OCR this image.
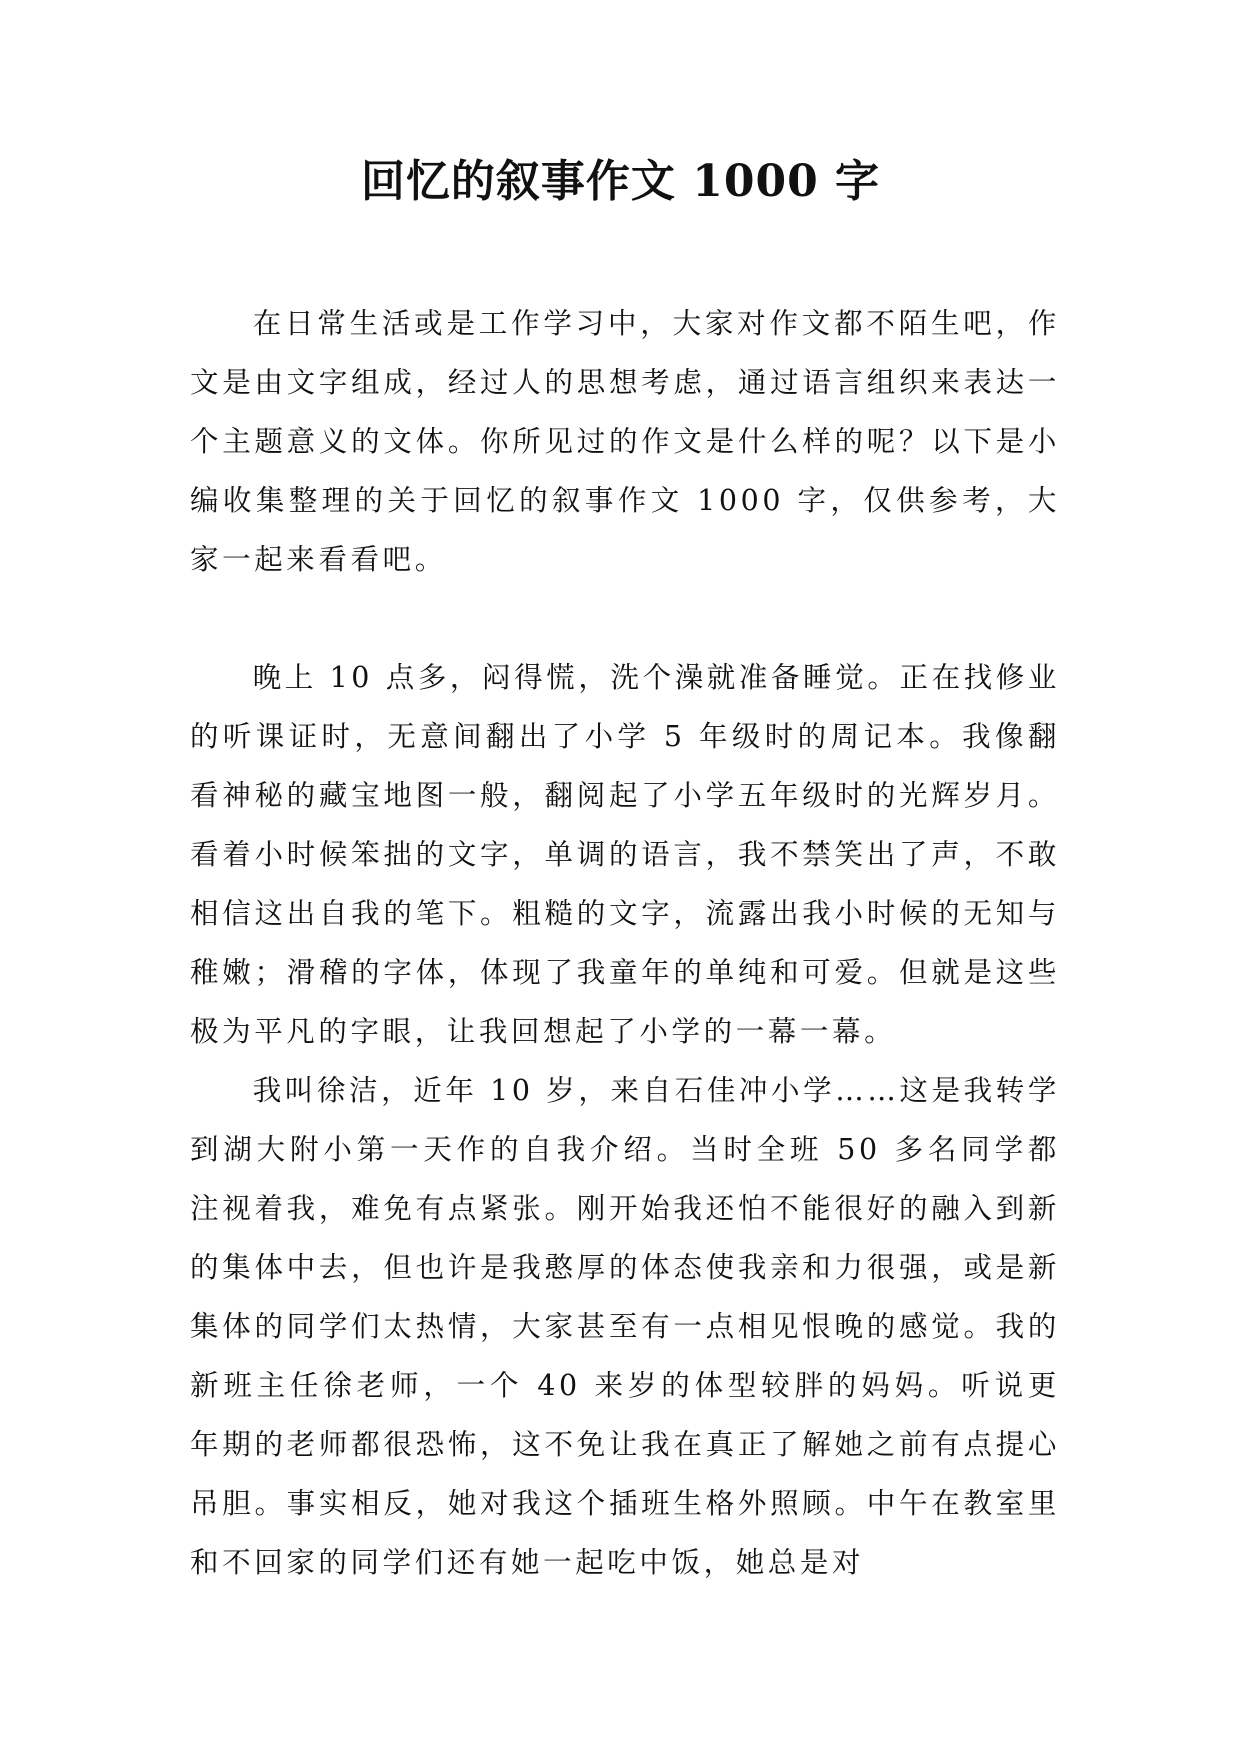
回忆的叙事作文 1000 字

在日常生活或是工作学习中，大家对作文都不陌生吧，作文是由文字组成，经过人的思想考虑，通过语言组织来表达一个主题意义的文体。你所见过的作文是什么样的呢？以下是小编收集整理的关于回忆的叙事作文 1000 字，仅供参考，大家一起来看看吧。

晚上 10 点多，闷得慌，洗个澡就准备睡觉。正在找修业的听课证时，无意间翻出了小学 5 年级时的周记本。我像翻看神秘的藏宝地图一般，翻阅起了小学五年级时的光辉岁月。看着小时候笨拙的文字，单调的语言，我不禁笑出了声，不敢相信这出自我的笔下。粗糙的文字，流露出我小时候的无知与稚嫩；滑稽的字体，体现了我童年的单纯和可爱。但就是这些极为平凡的字眼，让我回想起了小学的一幕一幕。

我叫徐洁，近年 10 岁，来自石佳冲小学……这是我转学到湖大附小第一天作的自我介绍。当时全班 50 多名同学都注视着我，难免有点紧张。刚开始我还怕不能很好的融入到新的集体中去，但也许是我憨厚的体态使我亲和力很强，或是新集体的同学们太热情，大家甚至有一点相见恨晚的感觉。我的新班主任徐老师，一个 40 来岁的体型较胖的妈妈。听说更年期的老师都很恐怖，这不免让我在真正了解她之前有点提心吊胆。事实相反，她对我这个插班生格外照顾。中午在教室里和不回家的同学们还有她一起吃中饭，她总是对
